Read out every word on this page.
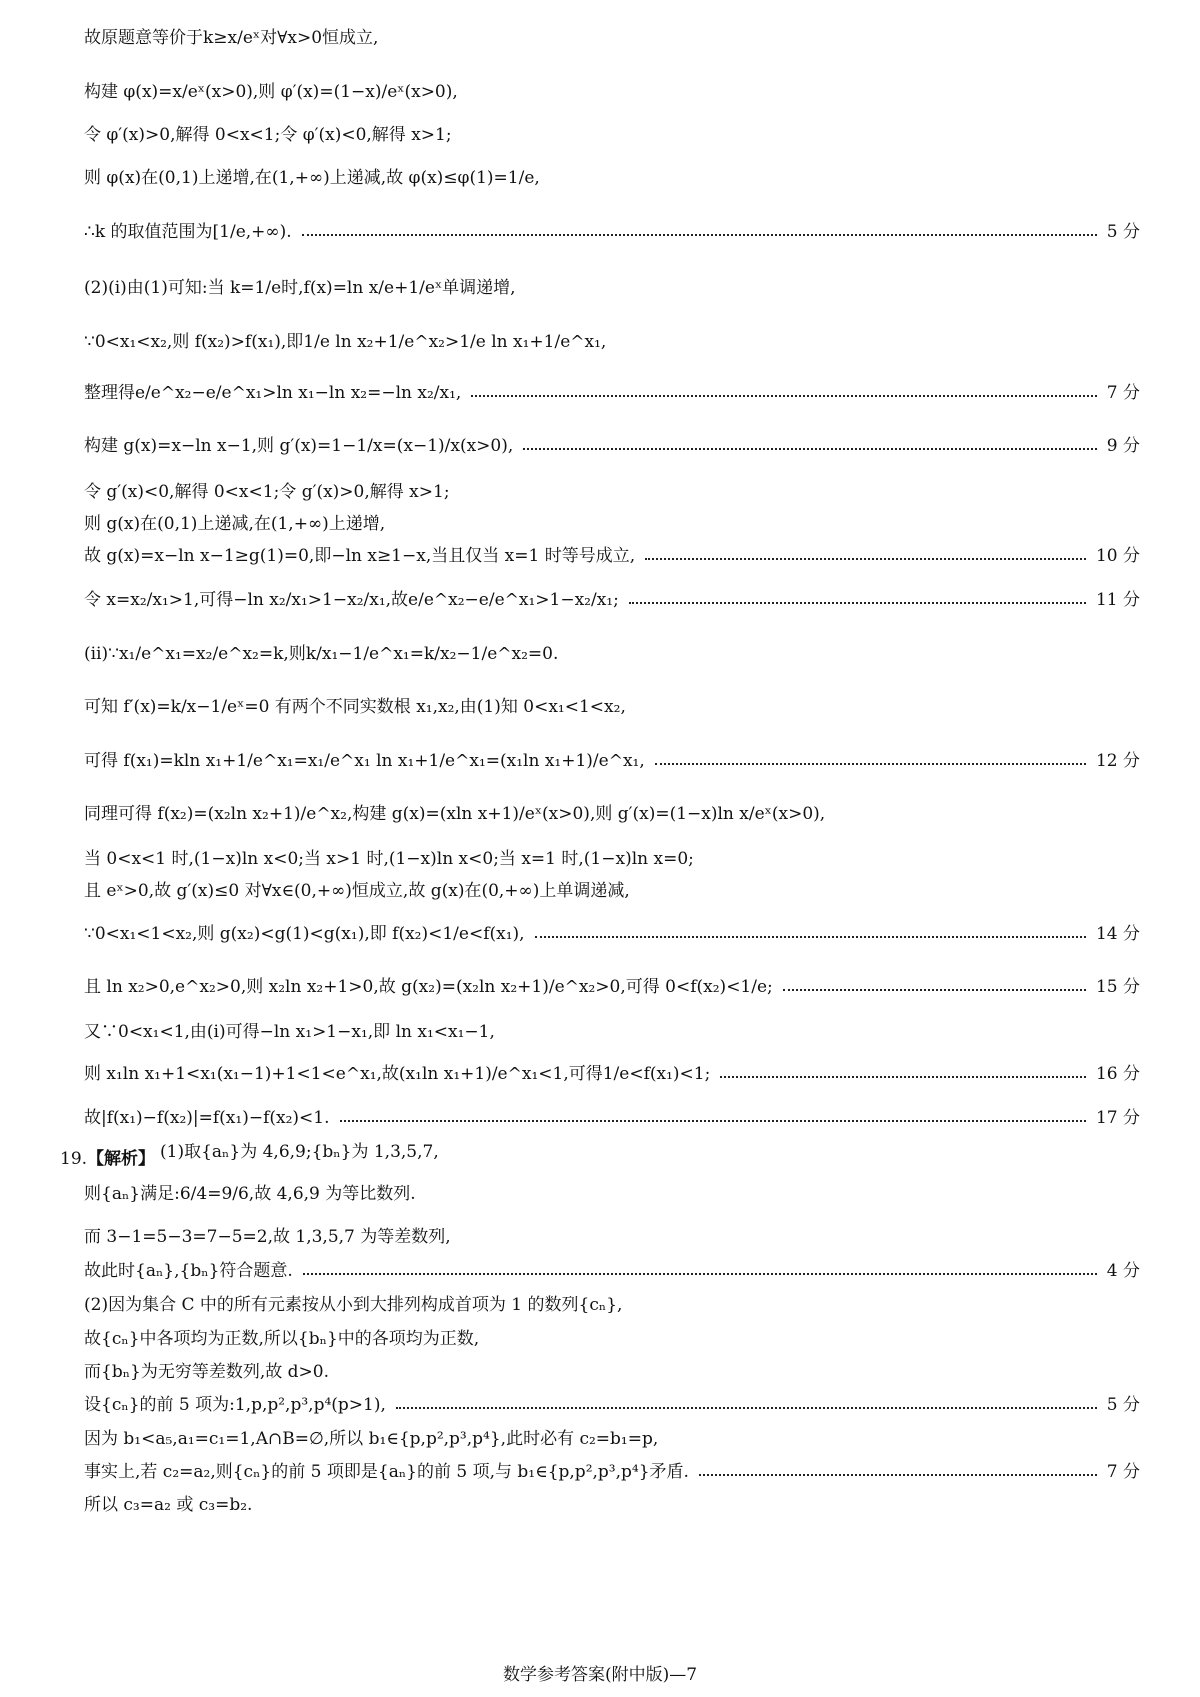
故原题意等价于k≥x/eˣ对∀x>0恒成立,
构建 φ(x)=x/eˣ(x>0),则 φ′(x)=(1−x)/eˣ(x>0),
令 φ′(x)>0,解得 0<x<1;令 φ′(x)<0,解得 x>1;
则 φ(x)在(0,1)上递增,在(1,+∞)上递减,故 φ(x)≤φ(1)=1/e,
∴k 的取值范围为[1/e,+∞).	5 分
(2)(ⅰ)由(1)可知:当 k=1/e时,f(x)=ln x/e+1/eˣ单调递增,
∵0<x₁<x₂,则 f(x₂)>f(x₁),即1/e ln x₂+1/e^x₂>1/e ln x₁+1/e^x₁,
整理得e/e^x₂−e/e^x₁>ln x₁−ln x₂=−ln x₂/x₁,	7 分
构建 g(x)=x−ln x−1,则 g′(x)=1−1/x=(x−1)/x(x>0),	9 分
令 g′(x)<0,解得 0<x<1;令 g′(x)>0,解得 x>1;
则 g(x)在(0,1)上递减,在(1,+∞)上递增,
故 g(x)=x−ln x−1≥g(1)=0,即−ln x≥1−x,当且仅当 x=1 时等号成立,	10 分
令 x=x₂/x₁>1,可得−ln x₂/x₁>1−x₂/x₁,故e/e^x₂−e/e^x₁>1−x₂/x₁;	11 分
(ⅱ)∵x₁/e^x₁=x₂/e^x₂=k,则k/x₁−1/e^x₁=k/x₂−1/e^x₂=0.
可知 f′(x)=k/x−1/eˣ=0 有两个不同实数根 x₁,x₂,由(1)知 0<x₁<1<x₂,
可得 f(x₁)=kln x₁+1/e^x₁=x₁/e^x₁ ln x₁+1/e^x₁=(x₁ln x₁+1)/e^x₁,	12 分
同理可得 f(x₂)=(x₂ln x₂+1)/e^x₂,构建 g(x)=(xln x+1)/eˣ(x>0),则 g′(x)=(1−x)ln x/eˣ(x>0),
当 0<x<1 时,(1−x)ln x<0;当 x>1 时,(1−x)ln x<0;当 x=1 时,(1−x)ln x=0;
且 eˣ>0,故 g′(x)≤0 对∀x∈(0,+∞)恒成立,故 g(x)在(0,+∞)上单调递减,
∵0<x₁<1<x₂,则 g(x₂)<g(1)<g(x₁),即 f(x₂)<1/e<f(x₁),	14 分
且 ln x₂>0,e^x₂>0,则 x₂ln x₂+1>0,故 g(x₂)=(x₂ln x₂+1)/e^x₂>0,可得 0<f(x₂)<1/e;	15 分
又∵0<x₁<1,由(ⅰ)可得−ln x₁>1−x₁,即 ln x₁<x₁−1,
则 x₁ln x₁+1<x₁(x₁−1)+1<1<e^x₁,故(x₁ln x₁+1)/e^x₁<1,可得1/e<f(x₁)<1;	16 分
故|f(x₁)−f(x₂)|=f(x₁)−f(x₂)<1.	17 分
19.【解析】 (1)取{aₙ}为 4,6,9;{bₙ}为 1,3,5,7,
则{aₙ}满足:6/4=9/6,故 4,6,9 为等比数列.
而 3−1=5−3=7−5=2,故 1,3,5,7 为等差数列,
故此时{aₙ},{bₙ}符合题意.	4 分
(2)因为集合 C 中的所有元素按从小到大排列构成首项为 1 的数列{cₙ},
故{cₙ}中各项均为正数,所以{bₙ}中的各项均为正数,
而{bₙ}为无穷等差数列,故 d>0.
设{cₙ}的前 5 项为:1,p,p²,p³,p⁴(p>1),	5 分
因为 b₁<a₅,a₁=c₁=1,A∩B=∅,所以 b₁∈{p,p²,p³,p⁴},此时必有 c₂=b₁=p,
事实上,若 c₂=a₂,则{cₙ}的前 5 项即是{aₙ}的前 5 项,与 b₁∈{p,p²,p³,p⁴}矛盾.	7 分
所以 c₃=a₂ 或 c₃=b₂.
数学参考答案(附中版)—7
